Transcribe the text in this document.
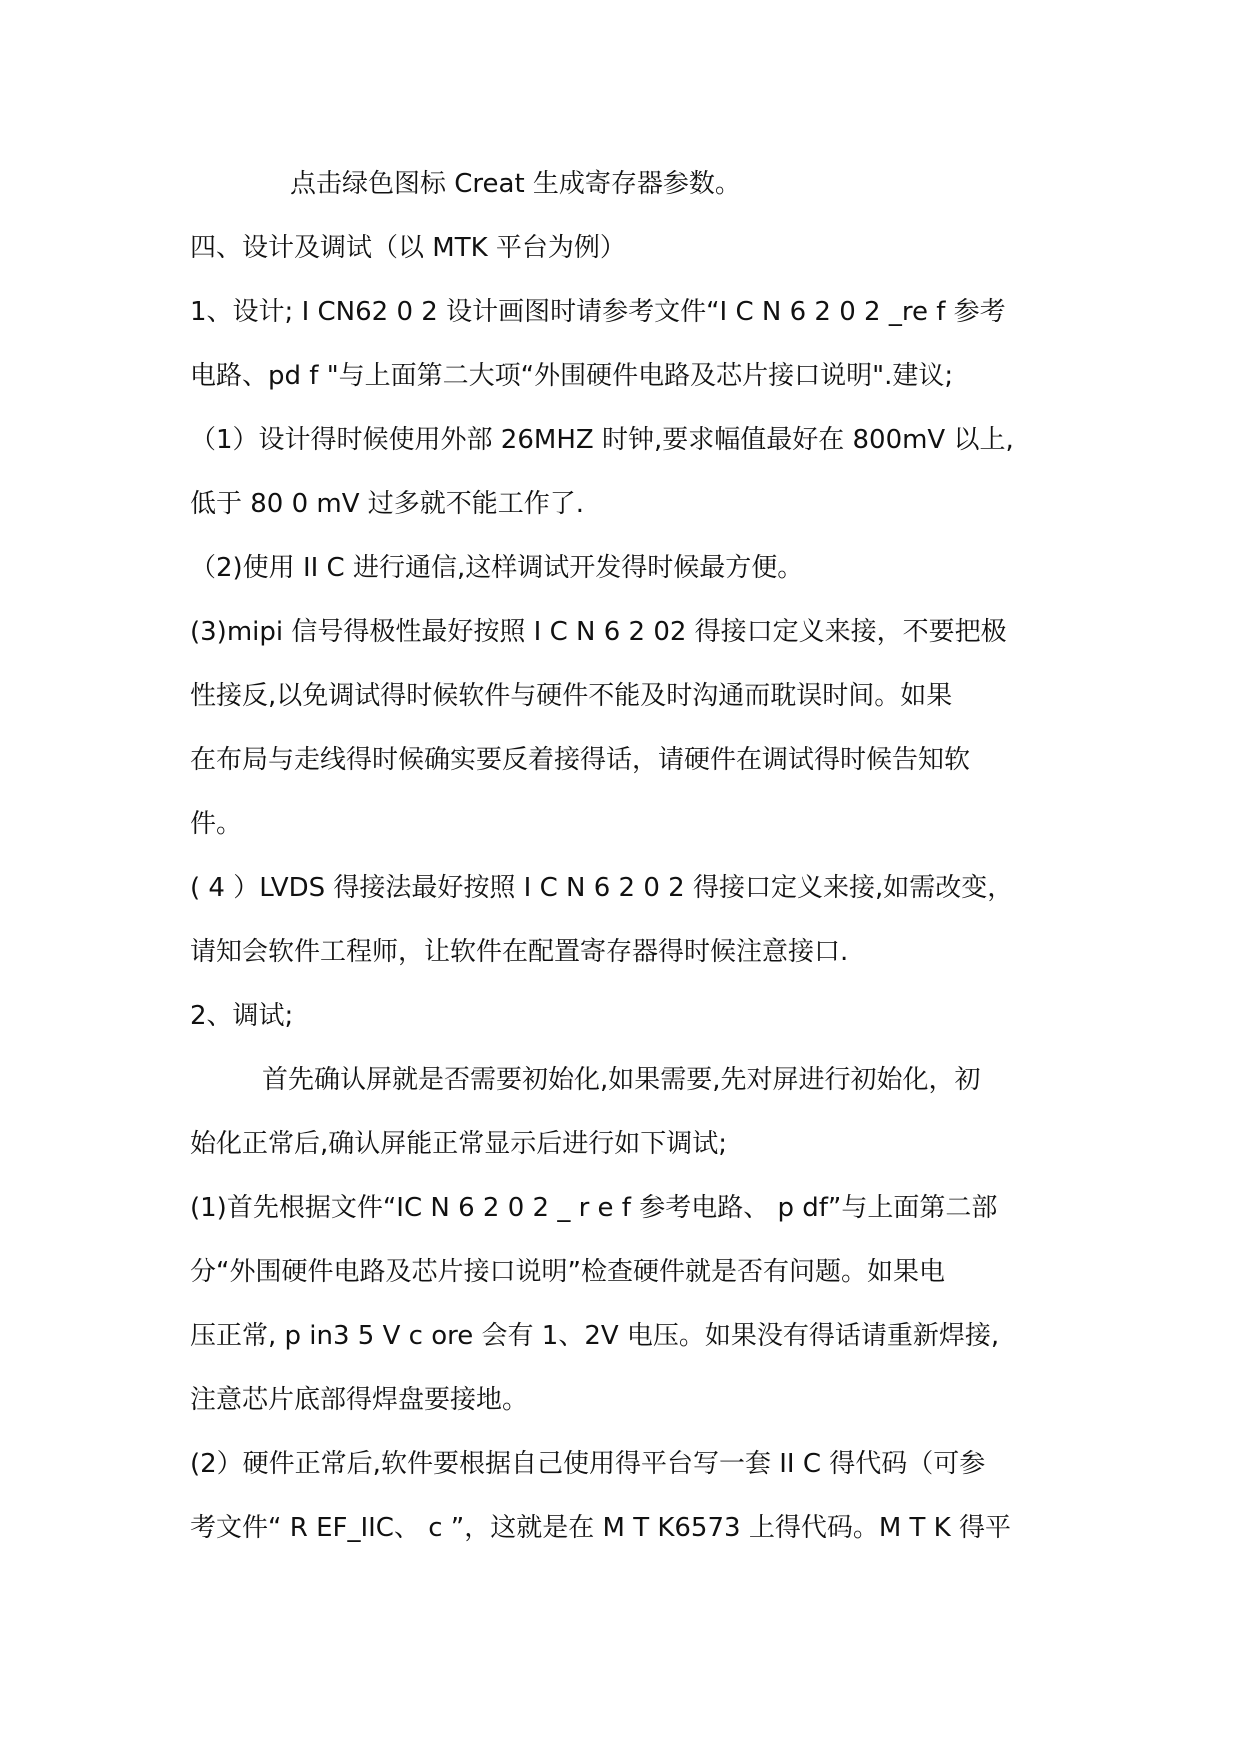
点击绿色图标 Creat 生成寄存器参数。
四、设计及调试（以 MTK 平台为例）
1、设计; I CN62 0 2 设计画图时请参考文件“I C N 6 2 0 2 _re f 参考
电路、pd f "与上面第二大项“外围硬件电路及芯片接口说明".建议;
（1）设计得时候使用外部 26MHZ 时钟,要求幅值最好在 800mV 以上,
低于 80 0 mV 过多就不能工作了.
（2)使用 II C 进行通信,这样调试开发得时候最方便。
(3)mipi 信号得极性最好按照 I C N 6 2 02 得接口定义来接，不要把极
性接反,以免调试得时候软件与硬件不能及时沟通而耽误时间。如果
在布局与走线得时候确实要反着接得话，请硬件在调试得时候告知软
件。
( 4 ）LVDS 得接法最好按照 I C N 6 2 0 2 得接口定义来接,如需改变，
请知会软件工程师，让软件在配置寄存器得时候注意接口.
2、调试;
首先确认屏就是否需要初始化,如果需要,先对屏进行初始化，初
始化正常后,确认屏能正常显示后进行如下调试;
(1)首先根据文件“IC N 6 2 0 2 _ r e f 参考电路、 p df”与上面第二部
分“外围硬件电路及芯片接口说明”检查硬件就是否有问题。如果电
压正常, p in3 5 V c ore 会有 1、2V 电压。如果没有得话请重新焊接,
注意芯片底部得焊盘要接地。
(2）硬件正常后,软件要根据自己使用得平台写一套 II C 得代码（可参
考文件“ R EF_IIC、 c ”，这就是在 M T K6573 上得代码。M T K 得平
